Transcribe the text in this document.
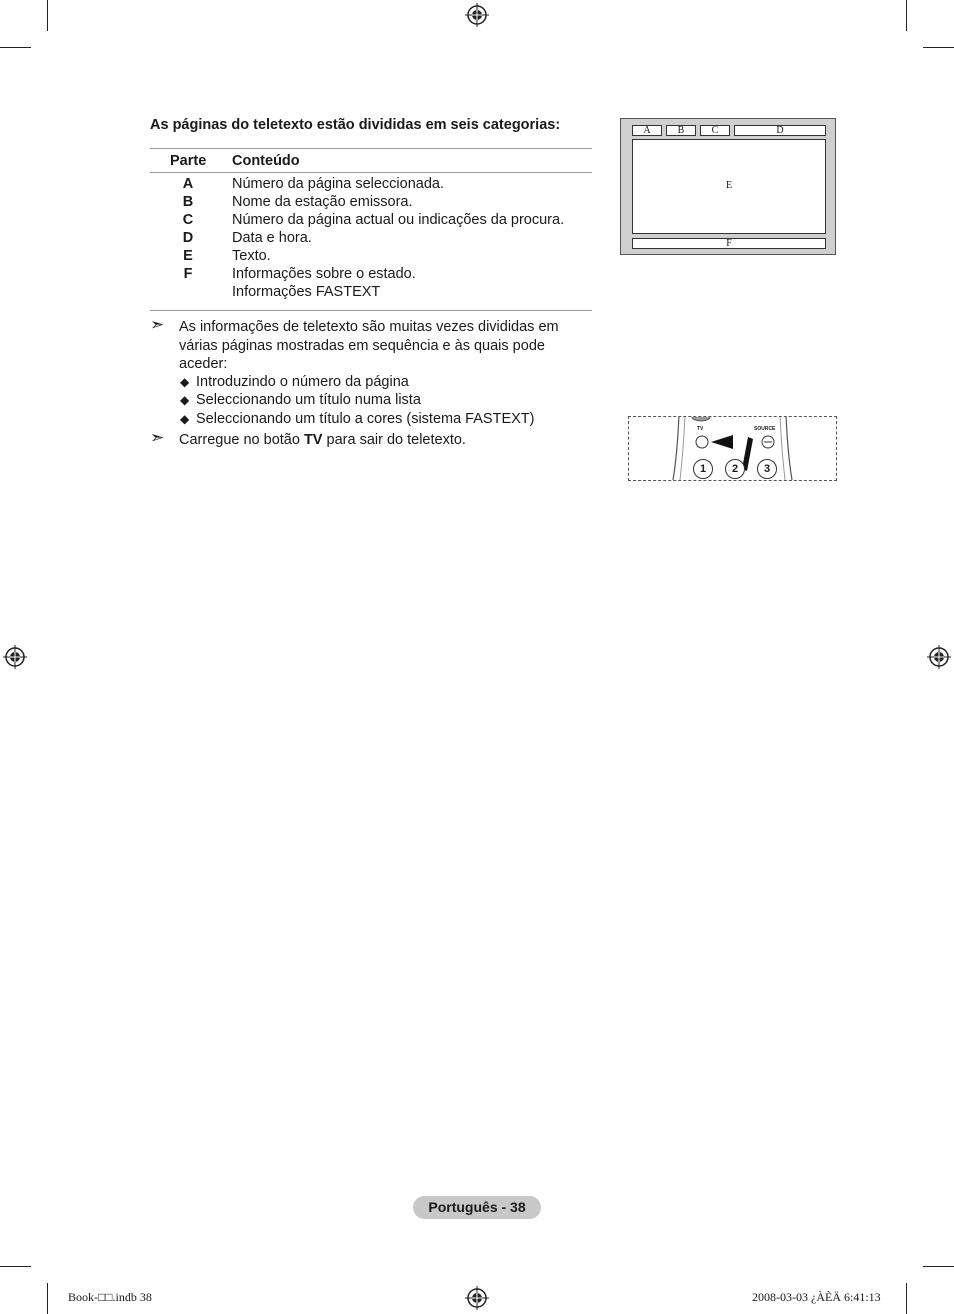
As páginas do teletexto estão divididas em seis categorias:
Parte Conteúdo
A	Número da página seleccionada.
B	Nome da estação emissora.
C	Número da página actual ou indicações da procura.
D	Data e hora.
E	Texto.
F	Informações sobre o estado.
Informações FASTEXT
➣ As informações de teletexto são muitas vezes divididas em várias páginas mostradas em sequência e às quais pode aceder:
◆ Introduzindo o número da página
◆ Seleccionando um título numa lista
◆ Seleccionando um título a cores (sistema FASTEXT)
➣ Carregue no botão TV para sair do teletexto.
A	B	C	D
E
F
TV	SOURCE
1	2	3
Português - 38
Book-□□.indb 38	2008-03-03 ¿ÀÈÄ 6:41:13
